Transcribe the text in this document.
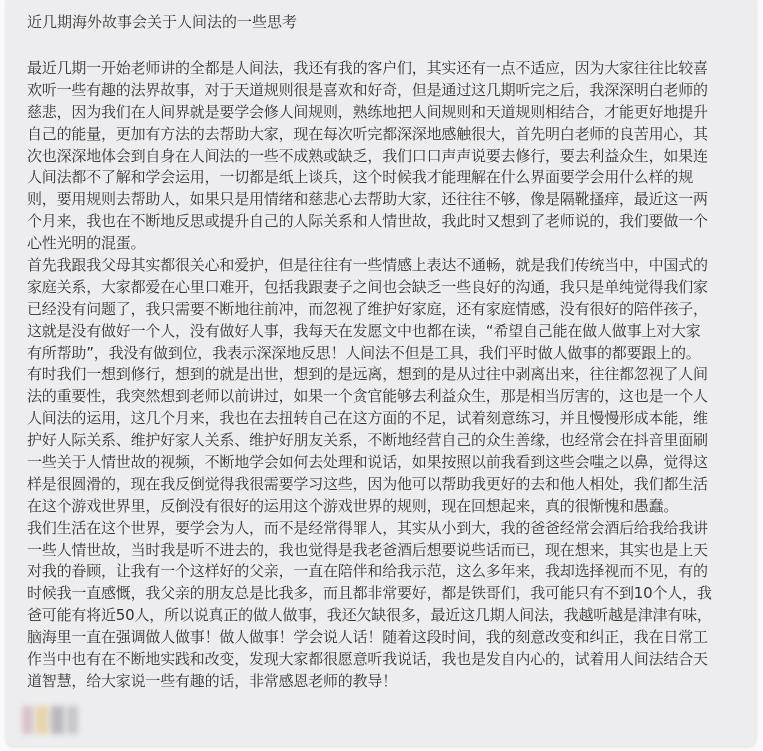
近几期海外故事会关于人间法的一些思考
最近几期一开始老师讲的全都是人间法，我还有我的客户们，其实还有一点不适应，因为大家往往比较喜
欢听一些有趣的法界故事，对于天道规则很是喜欢和好奇，但是通过这几期听完之后，我深深明白老师的
慈悲，因为我们在人间界就是要学会修人间规则，熟练地把人间规则和天道规则相结合，才能更好地提升
自己的能量，更加有方法的去帮助大家，现在每次听完都深深地感触很大，首先明白老师的良苦用心，其
次也深深地体会到自身在人间法的一些不成熟或缺乏，我们口口声声说要去修行，要去利益众生，如果连
人间法都不了解和学会运用，一切都是纸上谈兵，这个时候我才能理解在什么界面要学会用什么样的规
则，要用规则去帮助人，如果只是用情绪和慈悲心去帮助大家，还往往不够，像是隔靴搔痒，最近这一两
个月来，我也在不断地反思或提升自己的人际关系和人情世故，我此时又想到了老师说的，我们要做一个
心性光明的混蛋。
首先我跟我父母其实都很关心和爱护，但是往往有一些情感上表达不通畅，就是我们传统当中，中国式的
家庭关系，大家都爱在心里口难开，包括我跟妻子之间也会缺乏一些良好的沟通，我只是单纯觉得我们家
已经没有问题了，我只需要不断地往前冲，而忽视了维护好家庭，还有家庭情感，没有很好的陪伴孩子，
这就是没有做好一个人，没有做好人事，我每天在发愿文中也都在读，“希望自己能在做人做事上对大家
有所帮助”，我没有做到位，我表示深深地反思！人间法不但是工具，我们平时做人做事的都要跟上的。
有时我们一想到修行，想到的就是出世，想到的是远离，想到的是从过往中剥离出来，往往都忽视了人间
法的重要性，我突然想到老师以前讲过，如果一个贪官能够去利益众生，那是相当厉害的，这也是一个人
人间法的运用，这几个月来，我也在去扭转自己在这方面的不足，试着刻意练习，并且慢慢形成本能，维
护好人际关系、维护好家人关系、维护好朋友关系，不断地经营自己的众生善缘，也经常会在抖音里面刷
一些关于人情世故的视频，不断地学会如何去处理和说话，如果按照以前我看到这些会嗤之以鼻，觉得这
样是很圆滑的，现在我反倒觉得我很需要学习这些，因为他可以帮助我更好的去和他人相处，我们都生活
在这个游戏世界里，反倒没有很好的运用这个游戏世界的规则，现在回想起来，真的很惭愧和愚蠢。
我们生活在这个世界，要学会为人，而不是经常得罪人，其实从小到大，我的爸爸经常会酒后给我给我讲
一些人情世故，当时我是听不进去的，我也觉得是我老爸酒后想要说些话而已，现在想来，其实也是上天
对我的眷顾，让我有一个这样好的父亲，一直在陪伴和给我示范，这么多年来，我却选择视而不见，有的
时候我一直感慨，我父亲的朋友总是比我多，而且都非常要好，都是铁哥们，我可能只有不到10个人，我
爸可能有将近50人，所以说真正的做人做事，我还欠缺很多，最近这几期人间法，我越听越是津津有味，
脑海里一直在强调做人做事！做人做事！学会说人话！随着这段时间，我的刻意改变和纠正，我在日常工
作当中也有在不断地实践和改变，发现大家都很愿意听我说话，我也是发自内心的，试着用人间法结合天
道智慧，给大家说一些有趣的话，非常感恩老师的教导！
